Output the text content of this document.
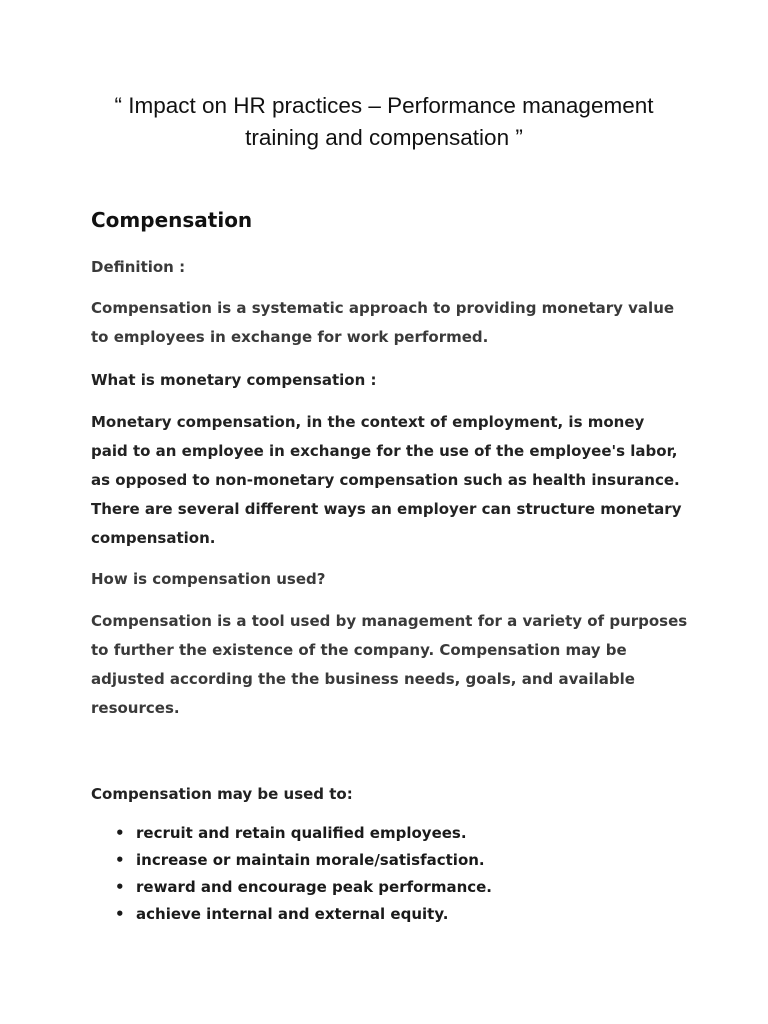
“ Impact on HR practices – Performance management
training and compensation ”
Compensation

Definition :

Compensation is a systematic approach to providing monetary value
to employees in exchange for work performed.

What is monetary compensation :

Monetary compensation, in the context of employment, is money
paid to an employee in exchange for the use of the employee's labor,
as opposed to non-monetary compensation such as health insurance.
There are several different ways an employer can structure monetary
compensation.

How is compensation used?

Compensation is a tool used by management for a variety of purposes
to further the existence of the company. Compensation may be
adjusted according the the business needs, goals, and available
resources.

Compensation may be used to:

• recruit and retain qualified employees.
• increase or maintain morale/satisfaction.
• reward and encourage peak performance.
• achieve internal and external equity.
